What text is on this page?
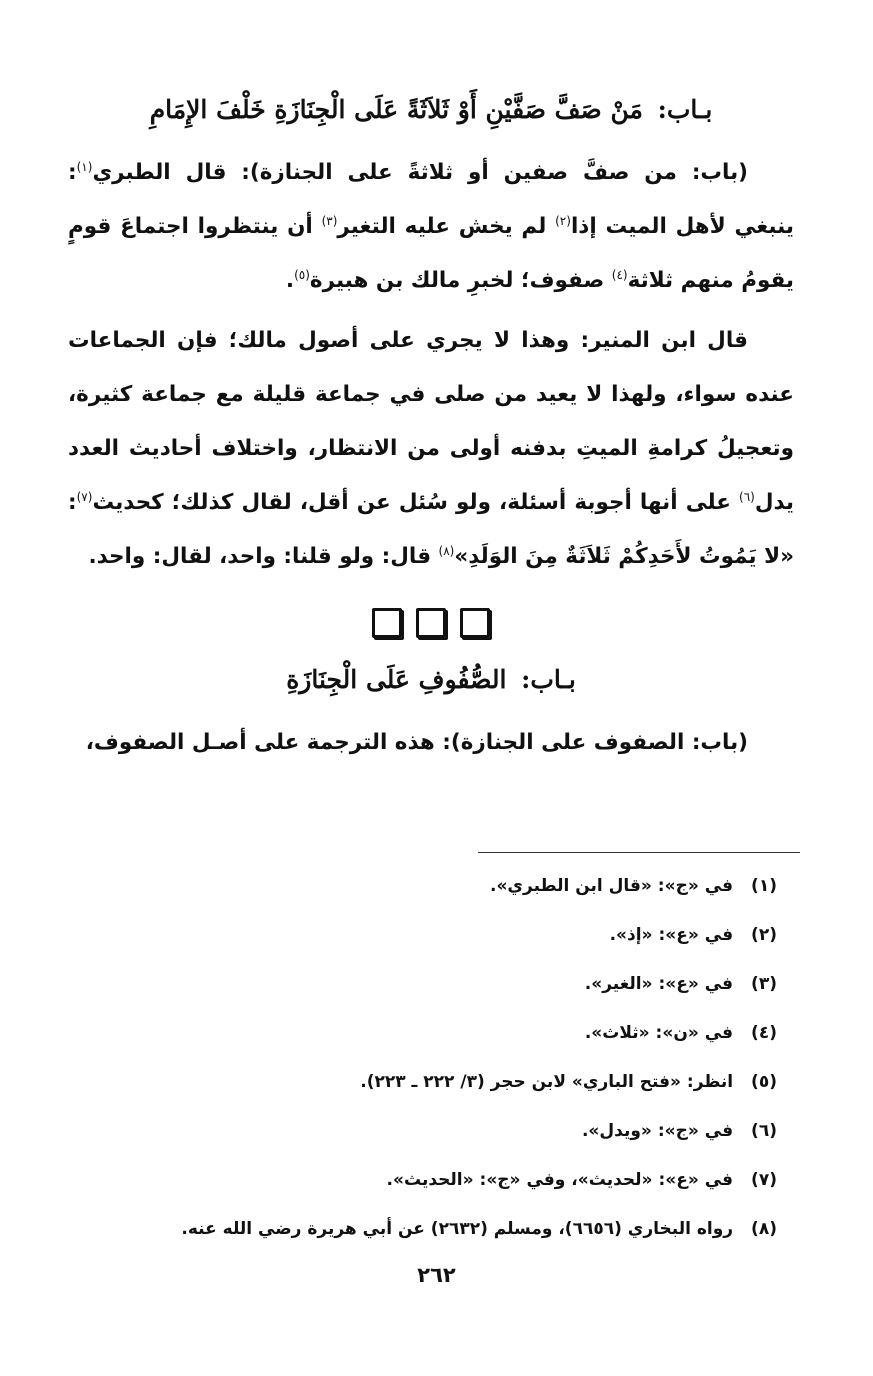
بـاب: مَنْ صَفَّ صَفَّيْنِ أَوْ ثَلاَثَةً عَلَى الْجِنَازَةِ خَلْفَ الإِمَامِ

(باب: من صفَّ صفين أو ثلاثةً على الجنازة): قال الطبري$^{(١)}$: ينبغي لأهل الميت إذا$^{(٢)}$ لم يخش عليه التغير$^{(٣)}$ أن ينتظروا اجتماعَ قومٍ يقومُ منهم ثلاثة$^{(٤)}$ صفوف؛ لخبرِ مالك بن هبيرة$^{(٥)}$.

قال ابن المنير: وهذا لا يجري على أصول مالك؛ فإن الجماعات عنده سواء، ولهذا لا يعيد من صلى في جماعة قليلة مع جماعة كثيرة، وتعجيلُ كرامةِ الميتِ بدفنه أولى من الانتظار، واختلاف أحاديث العدد يدل$^{(٦)}$ على أنها أجوبة أسئلة، ولو سُئل عن أقل، لقال كذلك؛ كحديث$^{(٧)}$: «لا يَمُوتُ لأَحَدِكُمْ ثَلاَثَةٌ مِنَ الوَلَدِ»$^{(٨)}$ قال: ولو قلنا: واحد، لقال: واحد.

بـاب: الصُّفُوفِ عَلَى الْجِنَازَةِ

(باب: الصفوف على الجنازة): هذه الترجمة على أصـل الصفوف،

(١) في «ج»: «قال ابن الطبري».
(٢) في «ع»: «إذ».
(٣) في «ع»: «الغير».
(٤) في «ن»: «ثلاث».
(٥) انظر: «فتح الباري» لابن حجر (٣/ ٢٢٢ ـ ٢٢٣).
(٦) في «ج»: «ويدل».
(٧) في «ع»: «لحديث»، وفي «ج»: «الحديث».
(٨) رواه البخاري (٦٦٥٦)، ومسلم (٢٦٣٢) عن أبي هريرة رضي الله عنه.
٢٦٢
